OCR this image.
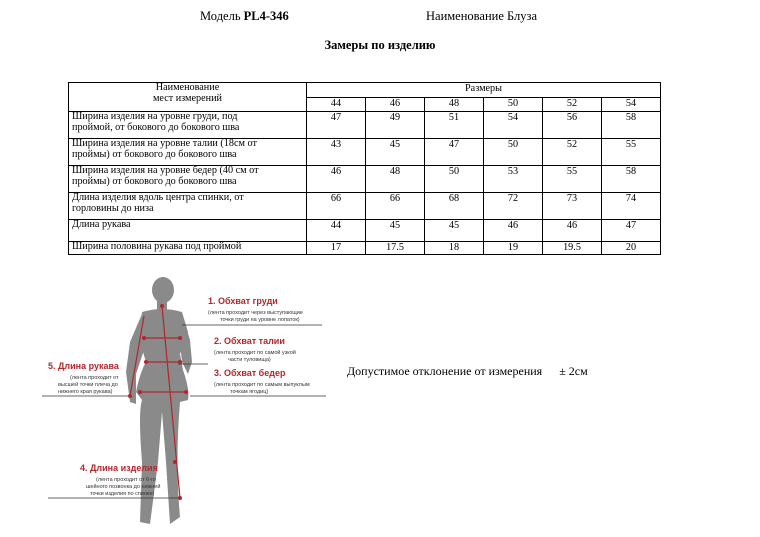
Модель PL4-346	Наименование Блуза
Замеры по изделию
Наименование
мест измерений	Размеры					
	44	46	48	50	52	54

Ширина изделия на уровне груди, под
проймой, от бокового до бокового шва	47	49	51	54	56	58

Ширина изделия на уровне талии (18см от
проймы) от бокового до бокового шва	43	45	47	50	52	55

Ширина изделия на уровне бедер (40 см от
проймы) от бокового до бокового шва	46	48	50	53	55	58

Длина изделия вдоль центра спинки, от
горловины до низа	66	66	68	72	73	74

Длина рукава	44	45	45	46	46	47

Ширина половина рукава под проймой	17	17.5	18	19	19.5	20
1. Обхват груди
(лента проходит через выступающие
точки груди на уровне лопаток)
2. Обхват талии
(лента проходит по самой узкой
части туловища)
3. Обхват бедер
(лента проходит по самым выпуклым
точкам ягодиц)
4. Длина изделия
(лента проходит от 6-го
шейного позвонка до нижней
точки изделия по спинке)
5. Длина рукава
(лента проходит от
высшей точки плеча до
нижнего края рукава)
Допустимое отклонение от измерения ± 2см
